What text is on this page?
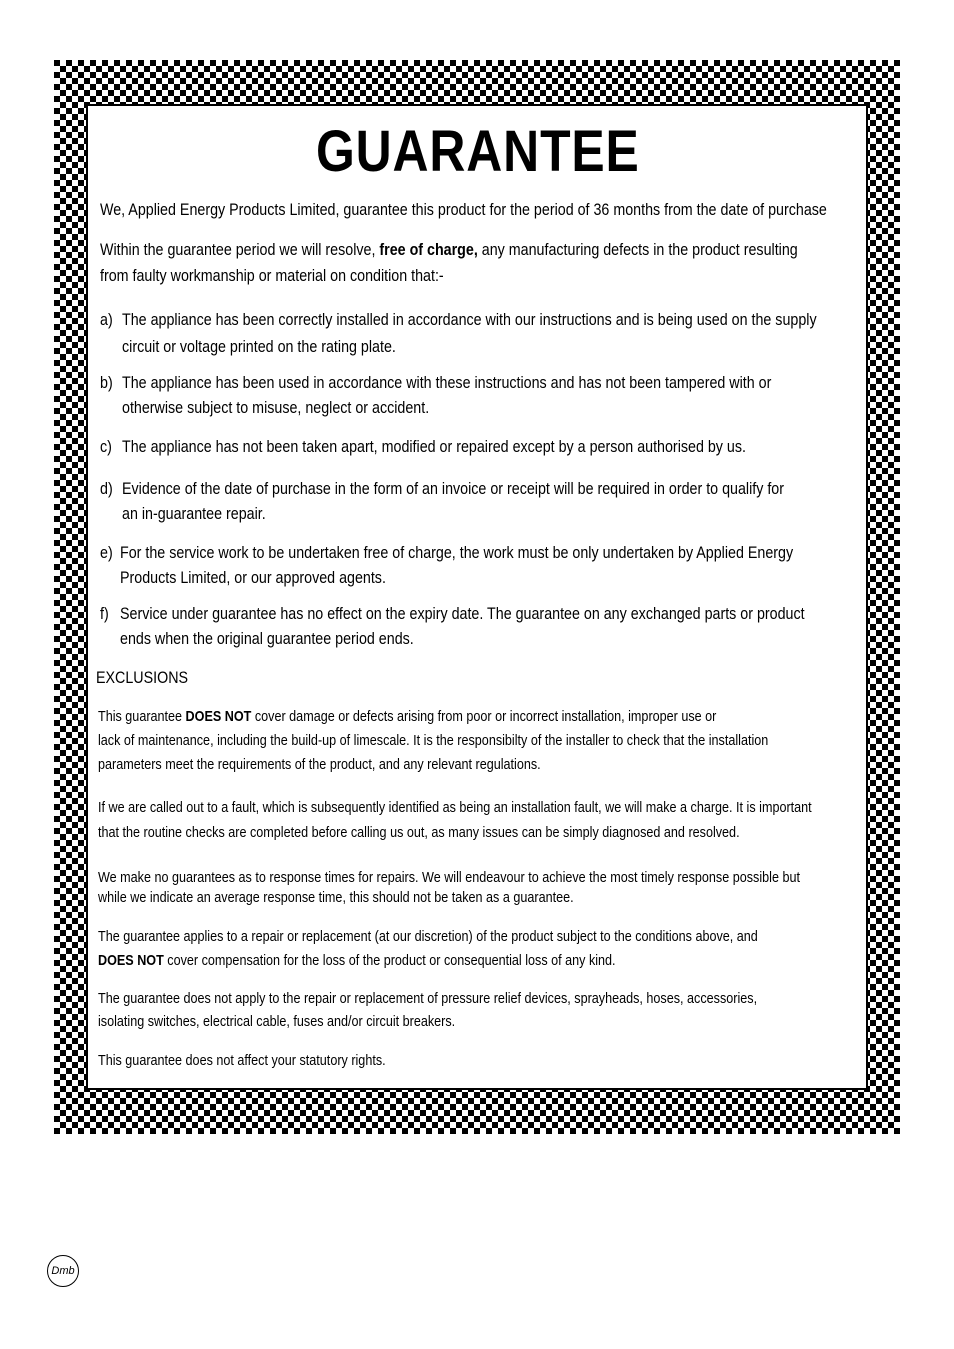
GUARANTEE
We, Applied Energy Products Limited, guarantee this product for the period of 36 months from the date of purchase
Within the guarantee period we will resolve, free of charge, any manufacturing defects in the product resulting
from faulty workmanship or material on condition that:-
a) The appliance has been correctly installed in accordance with our instructions and is being used on the supply
circuit or voltage printed on the rating plate.
b) The appliance has been used in accordance with these instructions and has not been tampered with or
otherwise subject to misuse, neglect or accident.
c) The appliance has not been taken apart, modified or repaired except by a person authorised by us.
d) Evidence of the date of purchase in the form of an invoice or receipt will be required in order to qualify for
an in-guarantee repair.
e) For the service work to be undertaken free of charge, the work must be only undertaken by Applied Energy
Products Limited, or our approved agents.
f) Service under guarantee has no effect on the expiry date. The guarantee on any exchanged parts or product
ends when the original guarantee period ends.
EXCLUSIONS
This guarantee DOES NOT cover damage or defects arising from poor or incorrect installation, improper use or
lack of maintenance, including the build-up of limescale. It is the responsibilty of the installer to check that the installation
parameters meet the requirements of the product, and any relevant regulations.
If we are called out to a fault, which is subsequently identified as being an installation fault, we will make a charge. It is important
that the routine checks are completed before calling us out, as many issues can be simply diagnosed and resolved.
We make no guarantees as to response times for repairs. We will endeavour to achieve the most timely response possible but
while we indicate an average response time, this should not be taken as a guarantee.
The guarantee applies to a repair or replacement (at our discretion) of the product subject to the conditions above, and
DOES NOT cover compensation for the loss of the product or consequential loss of any kind.
The guarantee does not apply to the repair or replacement of pressure relief devices, sprayheads, hoses, accessories,
isolating switches, electrical cable, fuses and/or circuit breakers.
This guarantee does not affect your statutory rights.
Dmb
